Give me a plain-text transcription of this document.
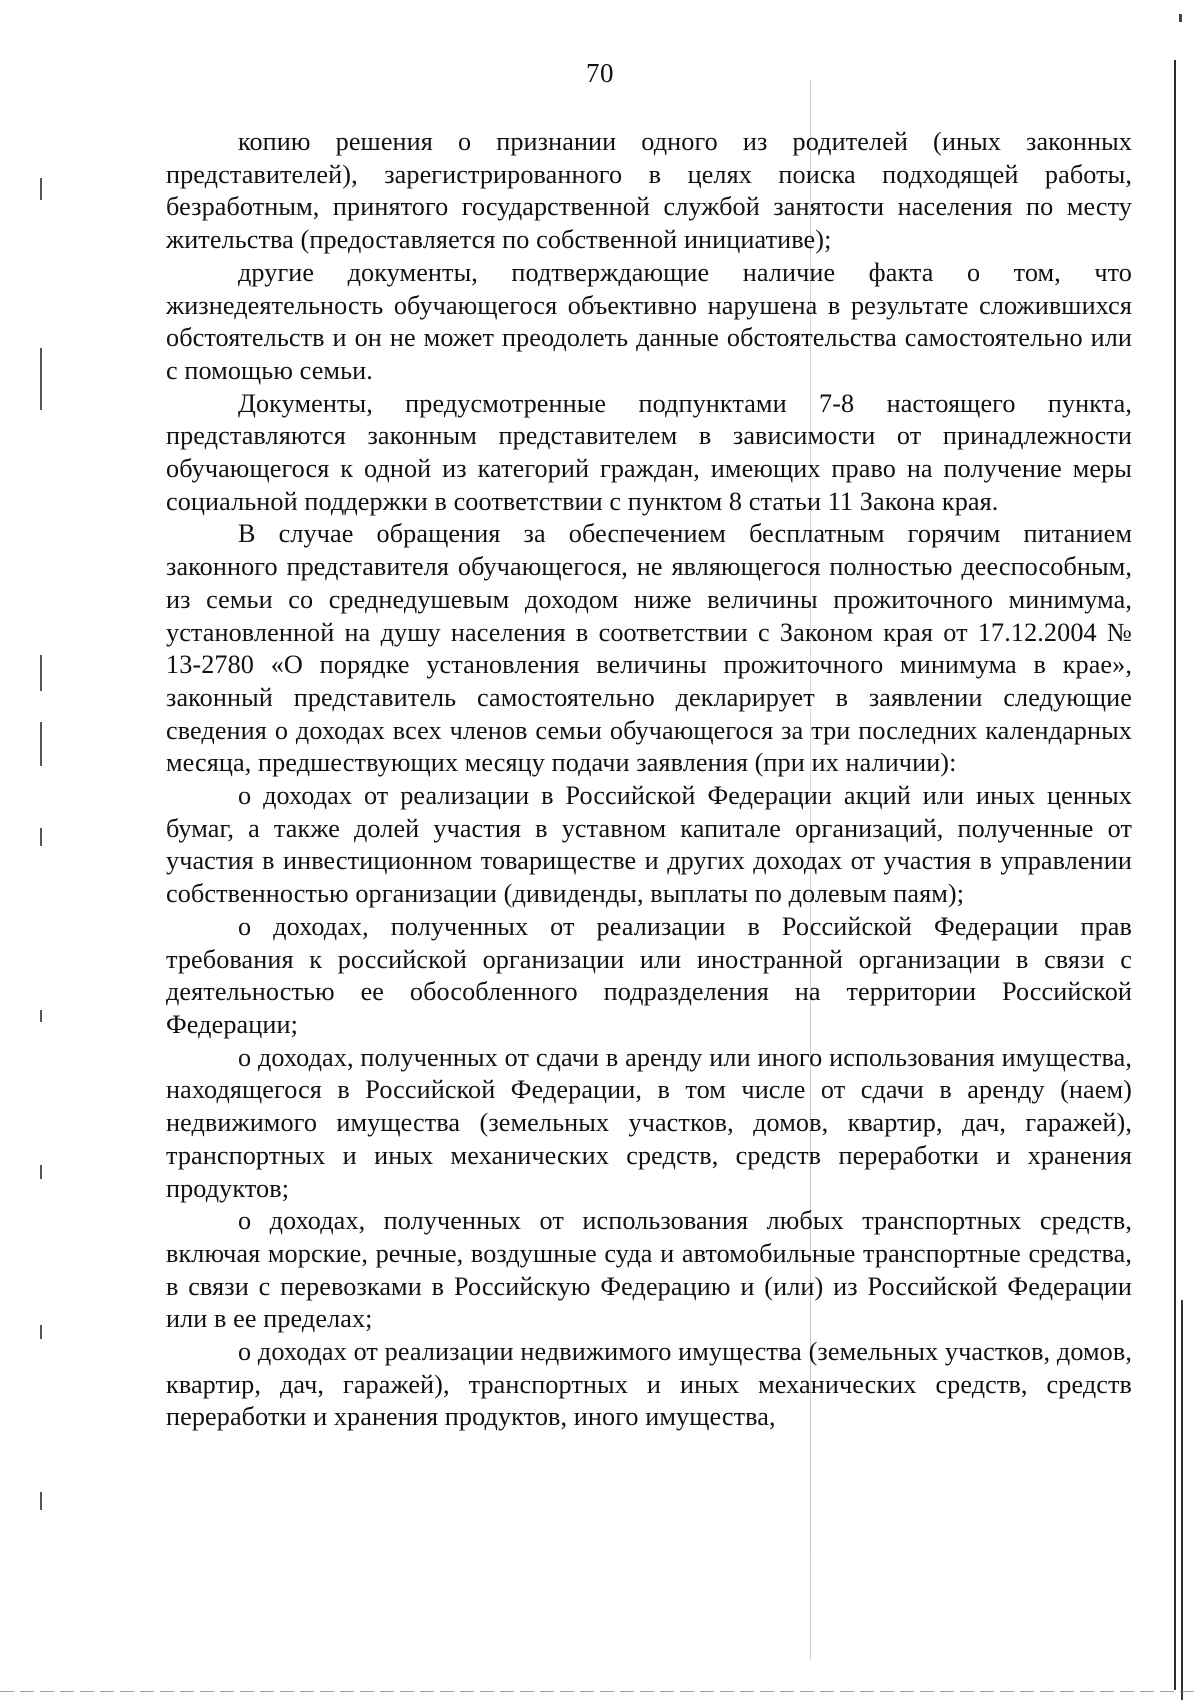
70

копию решения о признании одного из родителей (иных законных представителей), зарегистрированного в целях поиска подходящей работы, безработным, принятого государственной службой занятости населения по месту жительства (предоставляется по собственной инициативе);

другие документы, подтверждающие наличие факта о том, что жизнедеятельность обучающегося объективно нарушена в результате сложившихся обстоятельств и он не может преодолеть данные обстоятельства самостоятельно или с помощью семьи.

Документы, предусмотренные подпунктами 7-8 настоящего пункта, представляются законным представителем в зависимости от принадлежности обучающегося к одной из категорий граждан, имеющих право на получение меры социальной поддержки в соответствии с пунктом 8 статьи 11 Закона края.

В случае обращения за обеспечением бесплатным горячим питанием законного представителя обучающегося, не являющегося полностью дееспособным, из семьи со среднедушевым доходом ниже величины прожиточного минимума, установленной на душу населения в соответствии с Законом края от 17.12.2004 № 13-2780 «О порядке установления величины прожиточного минимума в крае», законный представитель самостоятельно декларирует в заявлении следующие сведения о доходах всех членов семьи обучающегося за три последних календарных месяца, предшествующих месяцу подачи заявления (при их наличии):

о доходах от реализации в Российской Федерации акций или иных ценных бумаг, а также долей участия в уставном капитале организаций, полученные от участия в инвестиционном товариществе и других доходах от участия в управлении собственностью организации (дивиденды, выплаты по долевым паям);

о доходах, полученных от реализации в Российской Федерации прав требования к российской организации или иностранной организации в связи с деятельностью ее обособленного подразделения на территории Российской Федерации;

о доходах, полученных от сдачи в аренду или иного использования имущества, находящегося в Российской Федерации, в том числе от сдачи в аренду (наем) недвижимого имущества (земельных участков, домов, квартир, дач, гаражей), транспортных и иных механических средств, средств переработки и хранения продуктов;

о доходах, полученных от использования любых транспортных средств, включая морские, речные, воздушные суда и автомобильные транспортные средства, в связи с перевозками в Российскую Федерацию и (или) из Российской Федерации или в ее пределах;

о доходах от реализации недвижимого имущества (земельных участков, домов, квартир, дач, гаражей), транспортных и иных механических средств, средств переработки и хранения продуктов, иного имущества,
